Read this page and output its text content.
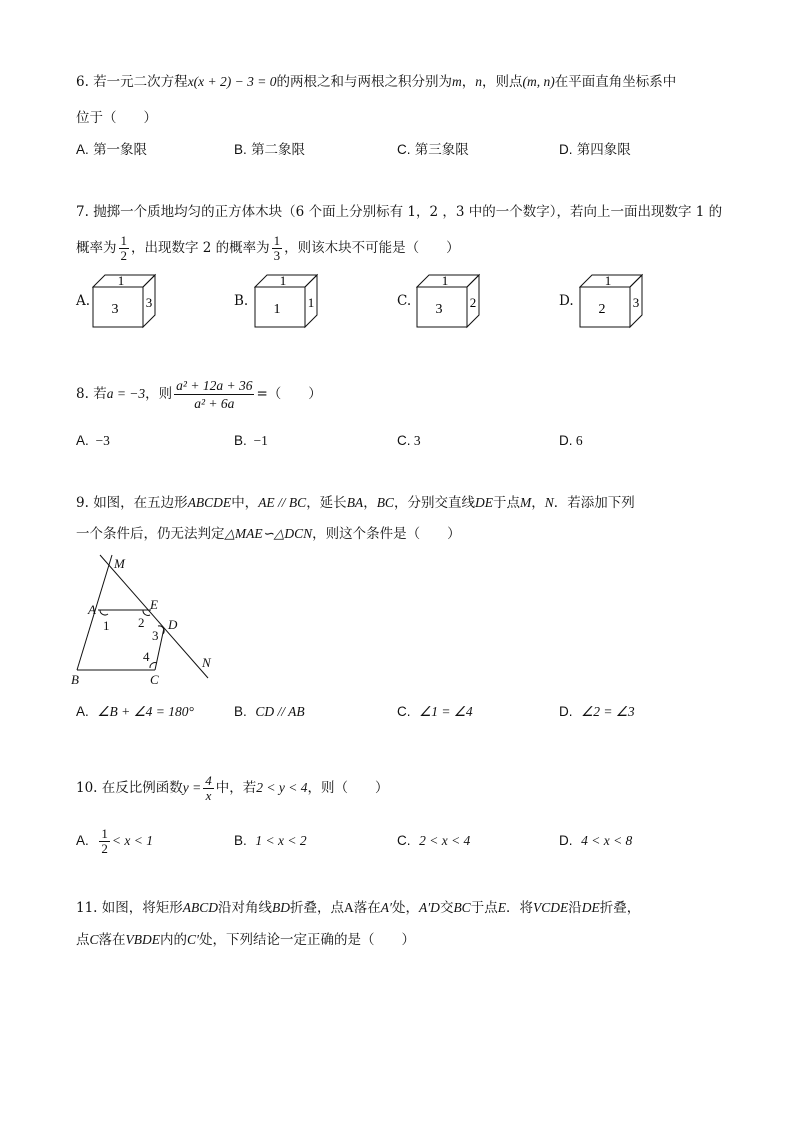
6. 若一元二次方程x(x + 2) − 3 = 0的两根之和与两根之积分别为m，n，则点(m, n)在平面直角坐标系中
位于（　　）
A. 第一象限	B. 第二象限	C. 第三象限	D. 第四象限
7. 抛掷一个质地均匀的正方体木块（6 个面上分别标有 1，2 ，3 中的一个数字），若向上一面出现数字 1 的
概率为 $\frac{1}{2}$ ，出现数字 2 的概率为 $\frac{1}{3}$ ，则该木块不可能是（　　）
A.
1
3 3	B.
1
1 1	C.
1
3 2	D.
1
2 3
8. 若a = −3，则 $\frac{\text{a² + 12a + 36}}{\text{a² + 6a}}$ =（　　）
A. −3	B. −1	C. 3	D. 6
9. 如图，在五边形ABCDE中，AE // BC，延长BA，BC，分别交直线DE于点M，N．若添加下列
一个条件后，仍无法判定△MAE∽△DCN，则这个条件是（　　）
M
A	E
D
B	C
N
1 2
3
4
A. ∠B + ∠4 = 180°	B. CD // AB	C. ∠1 = ∠4	D. ∠2 = ∠3
10. 在反比例函数$y = \frac{4}{x}$ 中，若2 < y < 4，则（　　）
A. $\frac{1}{2} < x < 1$	B. 1 < x < 2	C. 2 < x < 4	D. 4 < x < 8
11. 如图，将矩形ABCD沿对角线BD折叠，点A落在A′处，A′D交BC于点E．将VCDE沿DE折叠，
点C落在VBDE内的C′处，下列结论一定正确的是（　　）
